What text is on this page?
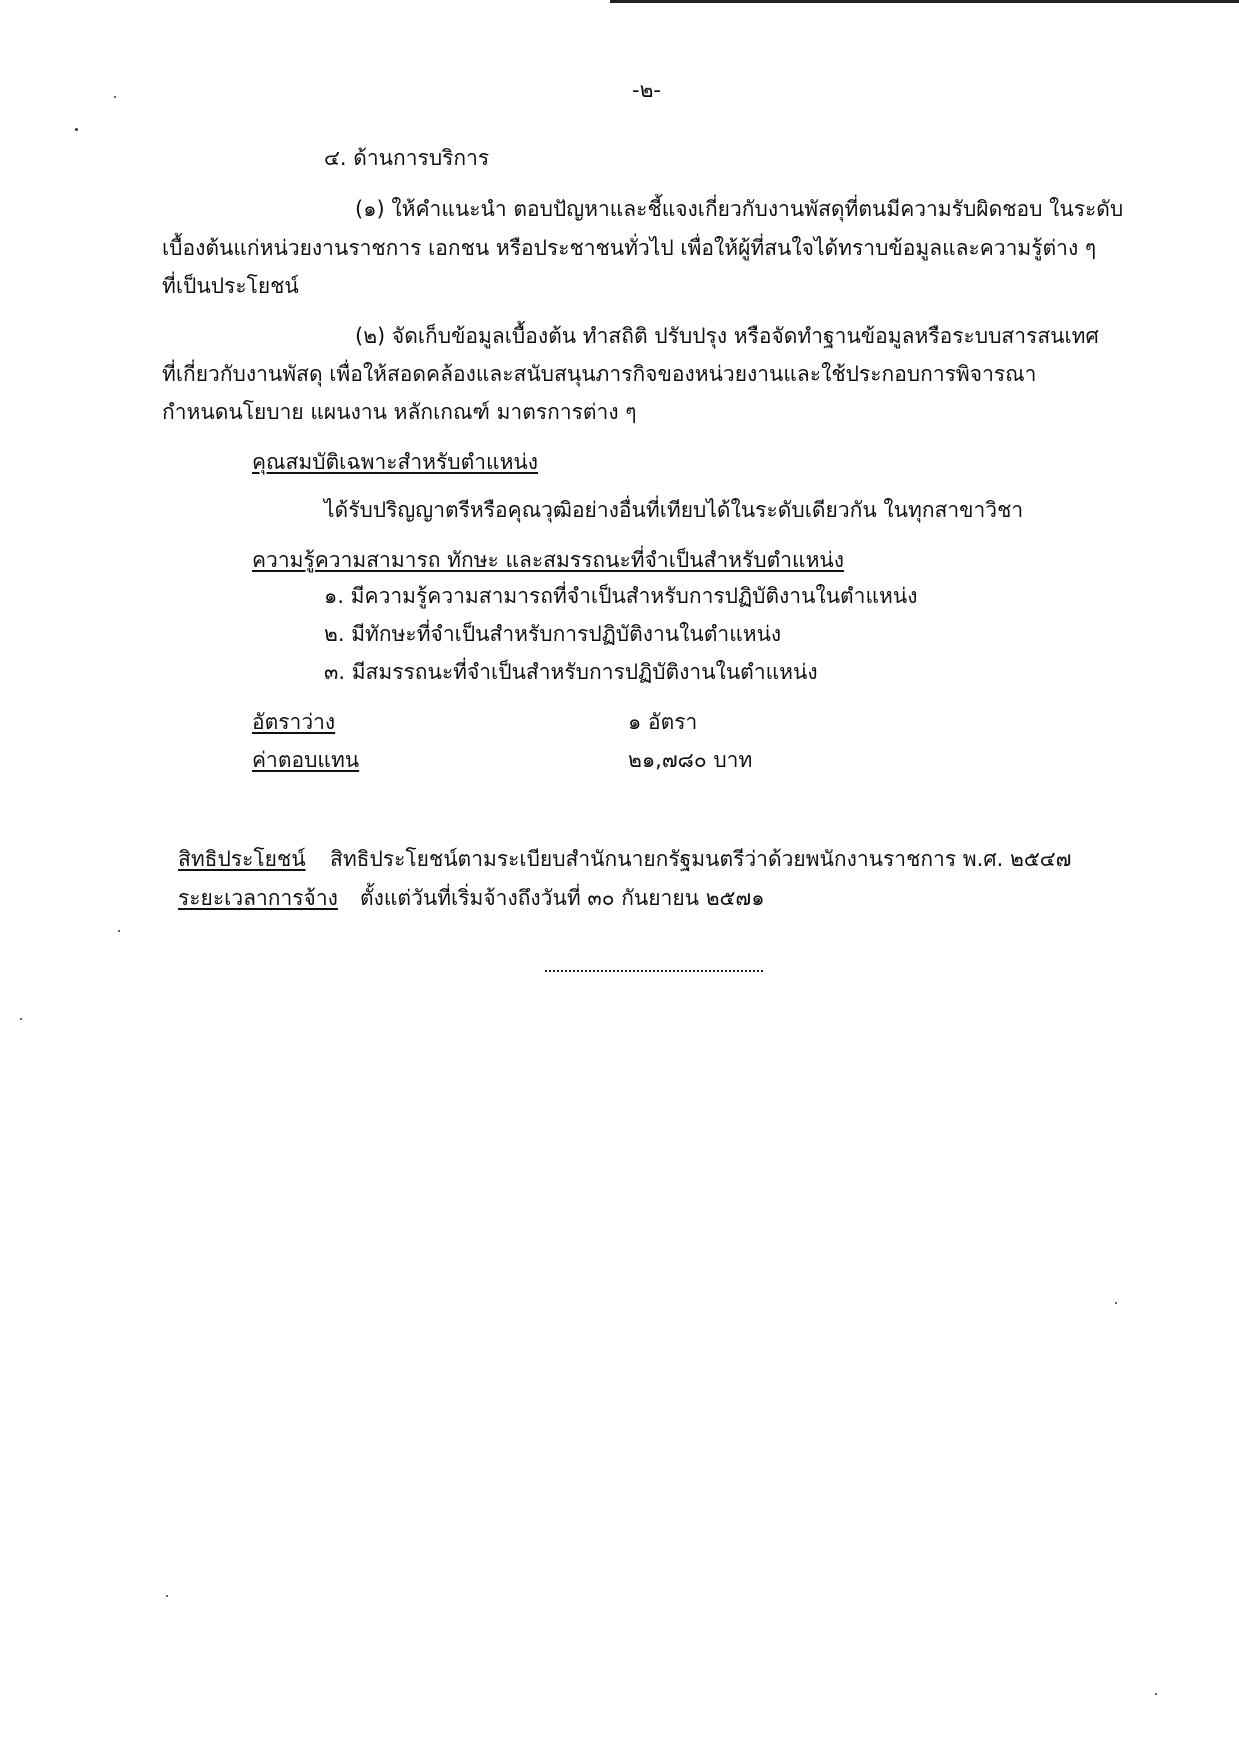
-๒-
๔. ด้านการบริการ
(๑) ให้คำแนะนำ ตอบปัญหาและชี้แจงเกี่ยวกับงานพัสดุที่ตนมีความรับผิดชอบ ในระดับ
เบื้องต้นแก่หน่วยงานราชการ เอกชน หรือประชาชนทั่วไป เพื่อให้ผู้ที่สนใจได้ทราบข้อมูลและความรู้ต่าง ๆ
ที่เป็นประโยชน์
(๒) จัดเก็บข้อมูลเบื้องต้น ทำสถิติ ปรับปรุง หรือจัดทำฐานข้อมูลหรือระบบสารสนเทศ
ที่เกี่ยวกับงานพัสดุ เพื่อให้สอดคล้องและสนับสนุนภารกิจของหน่วยงานและใช้ประกอบการพิจารณา
กำหนดนโยบาย แผนงาน หลักเกณฑ์ มาตรการต่าง ๆ
คุณสมบัติเฉพาะสำหรับตำแหน่ง
ได้รับปริญญาตรีหรือคุณวุฒิอย่างอื่นที่เทียบได้ในระดับเดียวกัน ในทุกสาขาวิชา
ความรู้ความสามารถ ทักษะ และสมรรถนะที่จำเป็นสำหรับตำแหน่ง
๑. มีความรู้ความสามารถที่จำเป็นสำหรับการปฏิบัติงานในตำแหน่ง
๒. มีทักษะที่จำเป็นสำหรับการปฏิบัติงานในตำแหน่ง
๓. มีสมรรถนะที่จำเป็นสำหรับการปฏิบัติงานในตำแหน่ง
อัตราว่าง	๑ อัตรา
ค่าตอบแทน	๒๑,๗๘๐ บาท
สิทธิประโยชน์ สิทธิประโยชน์ตามระเบียบสำนักนายกรัฐมนตรีว่าด้วยพนักงานราชการ พ.ศ. ๒๕๔๗
ระยะเวลาการจ้าง ตั้งแต่วันที่เริ่มจ้างถึงวันที่ ๓๐ กันยายน ๒๕๗๑
